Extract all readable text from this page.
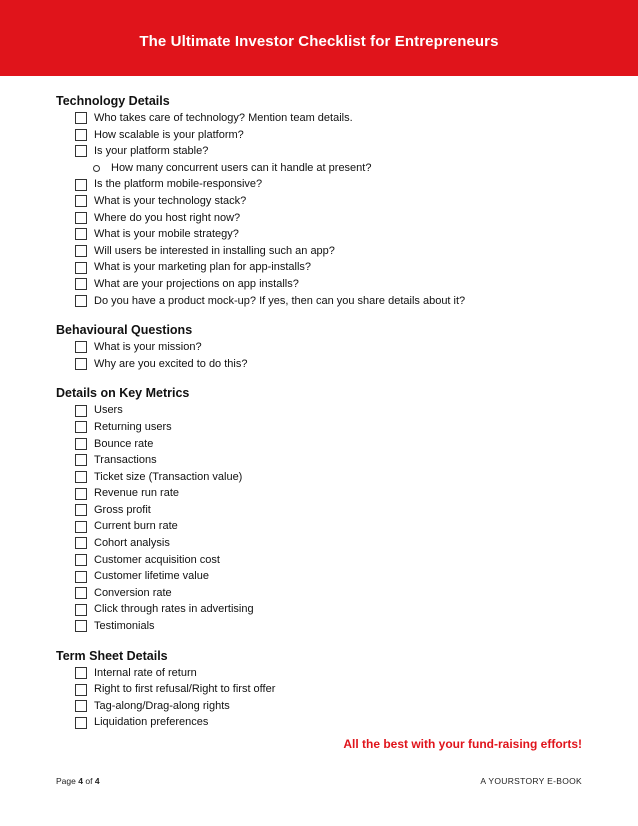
The Ultimate Investor Checklist for Entrepreneurs
Technology Details
Who takes care of technology? Mention team details.
How scalable is your platform?
Is your platform stable?
How many concurrent users can it handle at present?
Is the platform mobile-responsive?
What is your technology stack?
Where do you host right now?
What is your mobile strategy?
Will users be interested in installing such an app?
What is your marketing plan for app-installs?
What are your projections on app installs?
Do you have a product mock-up? If yes, then can you share details about it?
Behavioural Questions
What is your mission?
Why are you excited to do this?
Details on Key Metrics
Users
Returning users
Bounce rate
Transactions
Ticket size (Transaction value)
Revenue run rate
Gross profit
Current burn rate
Cohort analysis
Customer acquisition cost
Customer lifetime value
Conversion rate
Click through rates in advertising
Testimonials
Term Sheet Details
Internal rate of return
Right to first refusal/Right to first offer
Tag-along/Drag-along rights
Liquidation preferences
All the best with your fund-raising efforts!
Page 4 of 4	A YOURSTORY E-BOOK
